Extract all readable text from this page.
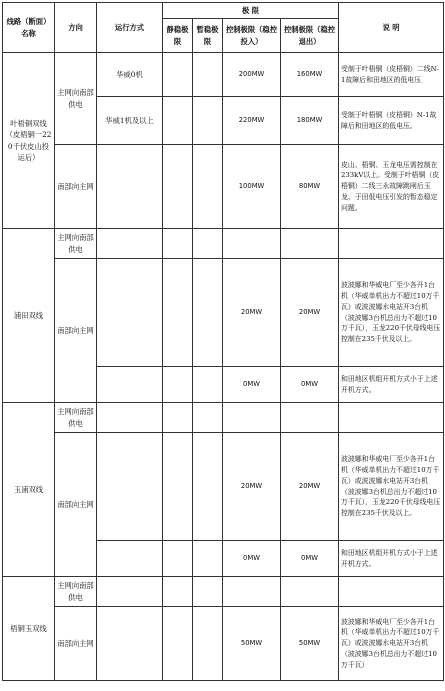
线路（断面）名称	方向	运行方式	极 限				说 明
			静稳极限	暂稳极限	控制极限（稳控投入）	控制极限（稳控退出）	
叶梧铜双线（皮梧铜一220千伏皮山投运后）	主网向南部供电	华威0机			200MW	160MW	受制于叶梧铜（皮梧铜）二线N-1故障后和田地区的低电压
		华威1机及以上			220MW	180MW	受制于叶梧铜（皮梧铜）N-1故障后和田地区的低电压。
	南部向主网				100MW	80MW	皮山、梧铜、玉龙电压需控制在233kV以上。受制于叶梧铜（皮梧铜）二线三永故障跳闸后玉龙、于田低电压引发的暂态稳定问题。
浦田双线	主网向南部供电						
	南部向主网				20MW	20MW	波波娜和华威电厂至少各开1台机（华威单机出力不超过10万千瓦）或波波娜水电站开3台机（波波娜3台机总出力不超过10万千瓦），玉龙220千伏母线电压控制在235千伏及以上。
					0MW	0MW	和田地区机组开机方式小于上述开机方式。
玉浦双线	主网向南部供电						
	南部向主网				20MW	20MW	波波娜和华威电厂至少各开1台机（华威单机出力不超过10万千瓦）或波波娜水电站开3台机（波波娜3台机总出力不超过10万千瓦），玉龙220千伏母线电压控制在235千伏及以上。
					0MW	0MW	和田地区机组开机方式小于上述开机方式。
梧铜玉双线	主网向南部供电						
	南部向主网				50MW	50MW	波波娜和华威电厂至少各开1台机（华威单机出力不超过10万千瓦）或波波娜水电站开3台机（波波娜3台机总出力不超过10万千瓦）
